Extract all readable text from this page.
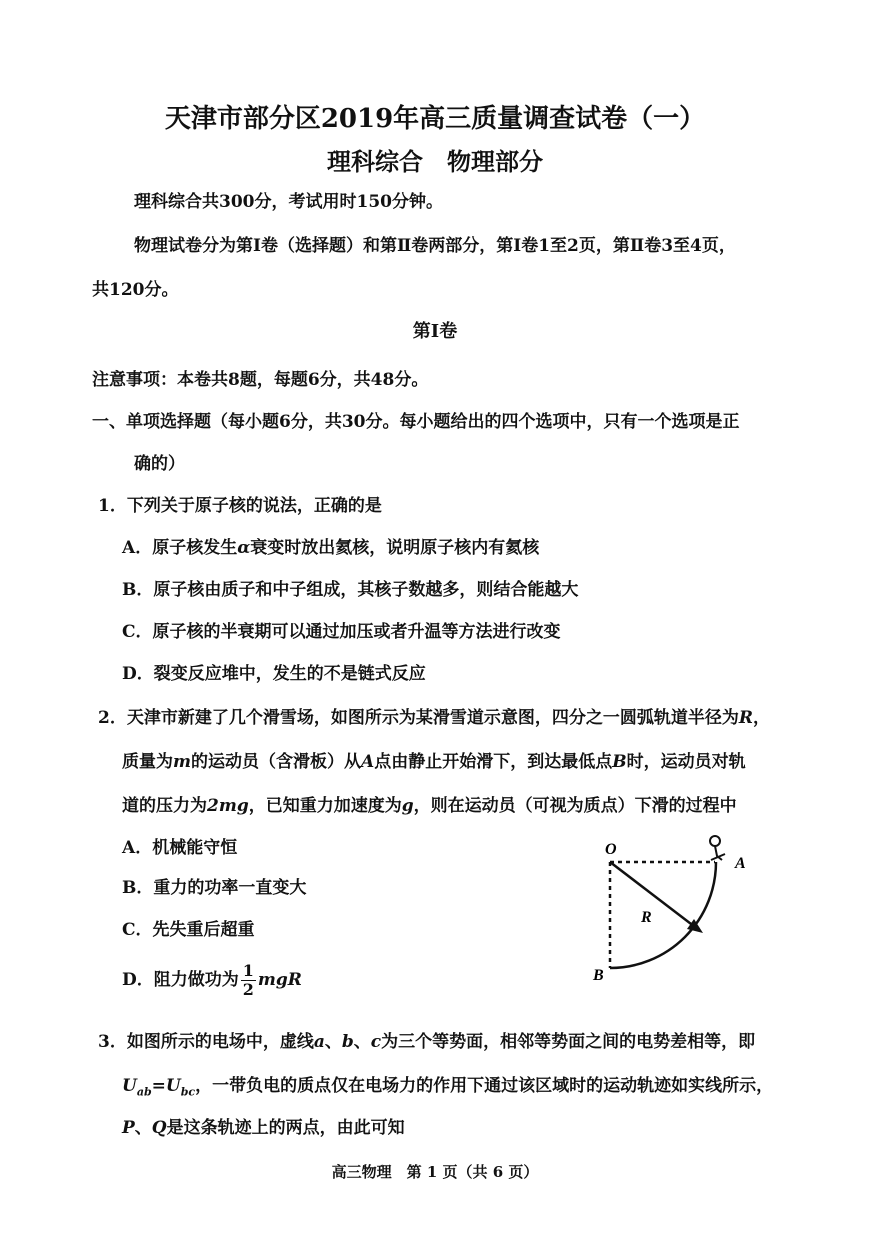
天津市部分区2019年高三质量调查试卷（一）
理科综合　物理部分
理科综合共300分，考试用时150分钟。
物理试卷分为第Ⅰ卷（选择题）和第Ⅱ卷两部分，第Ⅰ卷1至2页，第Ⅱ卷3至4页，
共120分。
第Ⅰ卷
注意事项：本卷共8题，每题6分，共48分。
一、单项选择题（每小题6分，共30分。每小题给出的四个选项中，只有一个选项是正
确的）
1．下列关于原子核的说法，正确的是
A．原子核发生α衰变时放出氦核，说明原子核内有氦核
B．原子核由质子和中子组成，其核子数越多，则结合能越大
C．原子核的半衰期可以通过加压或者升温等方法进行改变
D．裂变反应堆中，发生的不是链式反应
2．天津市新建了几个滑雪场，如图所示为某滑雪道示意图，四分之一圆弧轨道半径为R，
质量为m的运动员（含滑板）从A点由静止开始滑下，到达最低点B时，运动员对轨
道的压力为2mg，已知重力加速度为g，则在运动员（可视为质点）下滑的过程中
A．机械能守恒
B．重力的功率一直变大
C．先失重后超重
D．阻力做功为 $\frac{1}{2}$ mgR
O
A
B
R
3．如图所示的电场中，虚线a、b、c为三个等势面，相邻等势面之间的电势差相等，即
$U_{ab}=U_{bc}$，一带负电的质点仅在电场力的作用下通过该区域时的运动轨迹如实线所示，
P、Q是这条轨迹上的两点，由此可知
高三物理　第 1 页（共 6 页）
